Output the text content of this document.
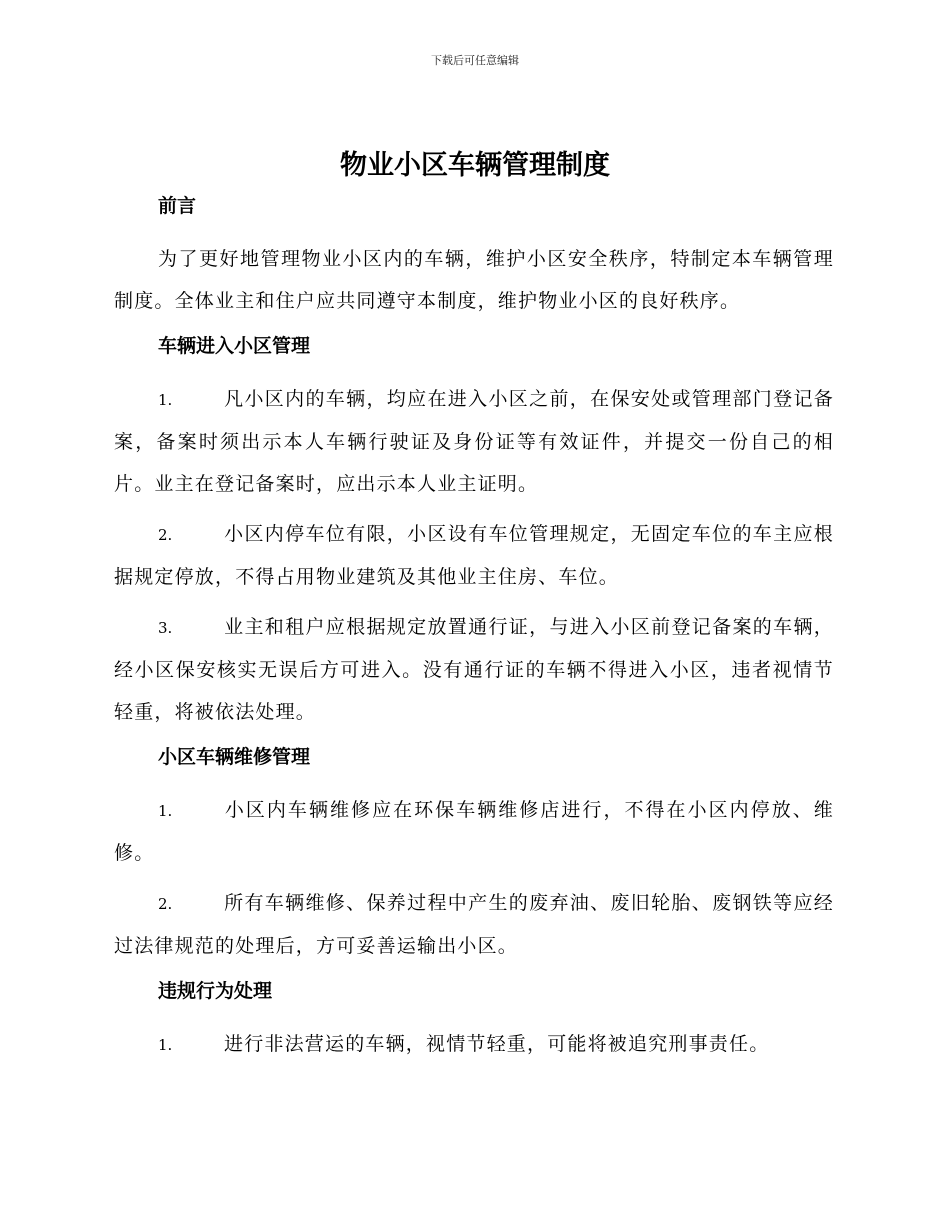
下载后可任意编辑
物业小区车辆管理制度
前言

为了更好地管理物业小区内的车辆，维护小区安全秩序，特制定本车辆管理制度。全体业主和住户应共同遵守本制度，维护物业小区的良好秩序。

车辆进入小区管理

1.	凡小区内的车辆，均应在进入小区之前，在保安处或管理部门登记备案，备案时须出示本人车辆行驶证及身份证等有效证件，并提交一份自己的相片。业主在登记备案时，应出示本人业主证明。

2.	小区内停车位有限，小区设有车位管理规定，无固定车位的车主应根据规定停放，不得占用物业建筑及其他业主住房、车位。

3.	业主和租户应根据规定放置通行证，与进入小区前登记备案的车辆，经小区保安核实无误后方可进入。没有通行证的车辆不得进入小区，违者视情节轻重，将被依法处理。

小区车辆维修管理

1.	小区内车辆维修应在环保车辆维修店进行，不得在小区内停放、维修。

2.	所有车辆维修、保养过程中产生的废弃油、废旧轮胎、废钢铁等应经过法律规范的处理后，方可妥善运输出小区。

违规行为处理

1.	进行非法营运的车辆，视情节轻重，可能将被追究刑事责任。
